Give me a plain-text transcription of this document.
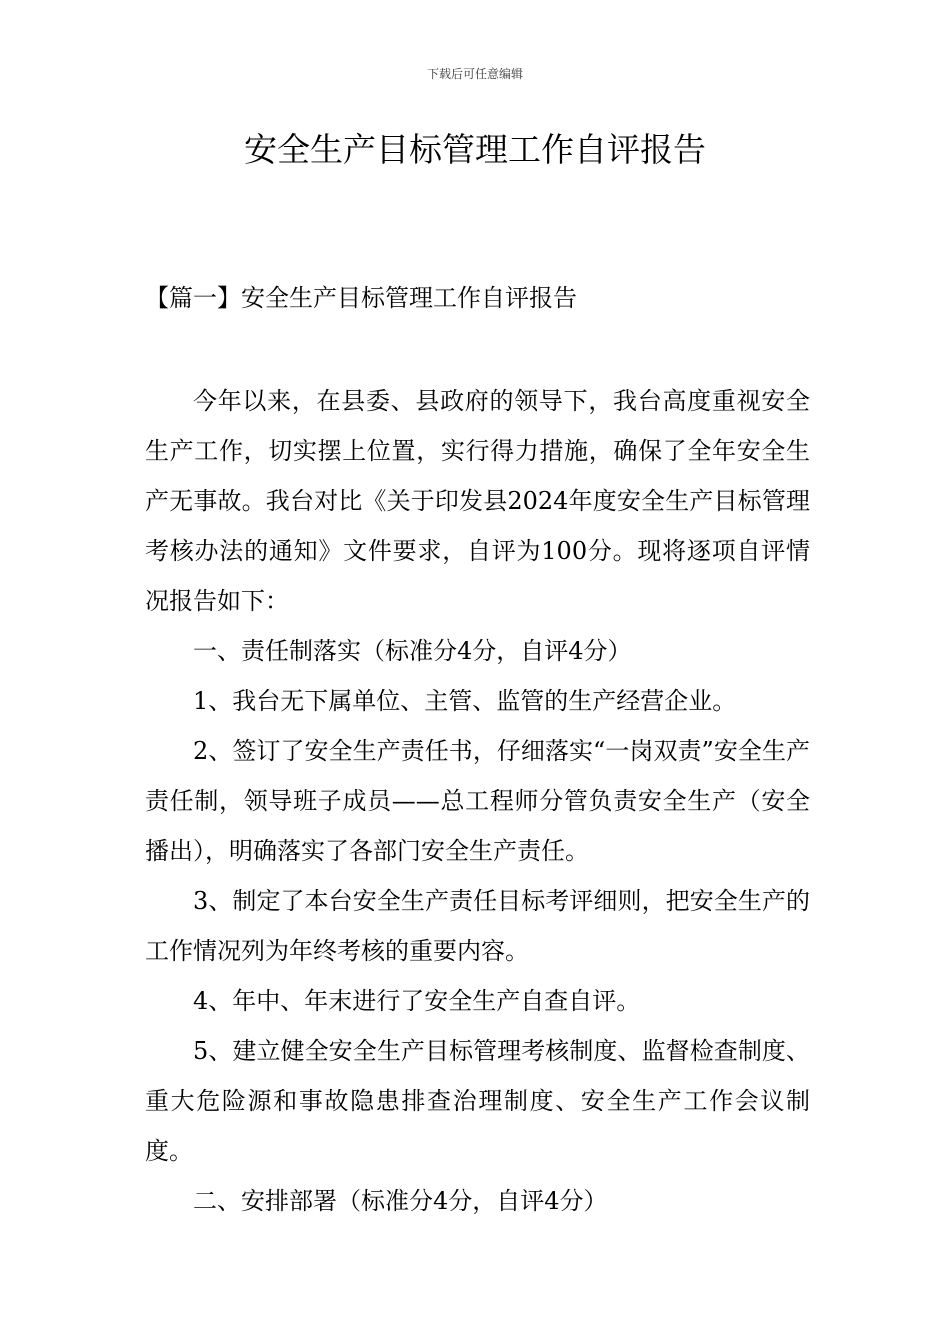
下载后可任意编辑
安全生产目标管理工作自评报告
【篇一】安全生产目标管理工作自评报告

今年以来，在县委、县政府的领导下，我台高度重视安全生产工作，切实摆上位置，实行得力措施，确保了全年安全生产无事故。我台对比《关于印发县2024年度安全生产目标管理考核办法的通知》文件要求，自评为100分。现将逐项自评情况报告如下：

一、责任制落实（标准分4分，自评4分）

1、我台无下属单位、主管、监管的生产经营企业。

2、签订了安全生产责任书，仔细落实“一岗双责”安全生产责任制，领导班子成员——总工程师分管负责安全生产（安全播出），明确落实了各部门安全生产责任。

3、制定了本台安全生产责任目标考评细则，把安全生产的工作情况列为年终考核的重要内容。

4、年中、年末进行了安全生产自查自评。

5、建立健全安全生产目标管理考核制度、监督检查制度、重大危险源和事故隐患排查治理制度、安全生产工作会议制度。

二、安排部署（标准分4分，自评4分）
